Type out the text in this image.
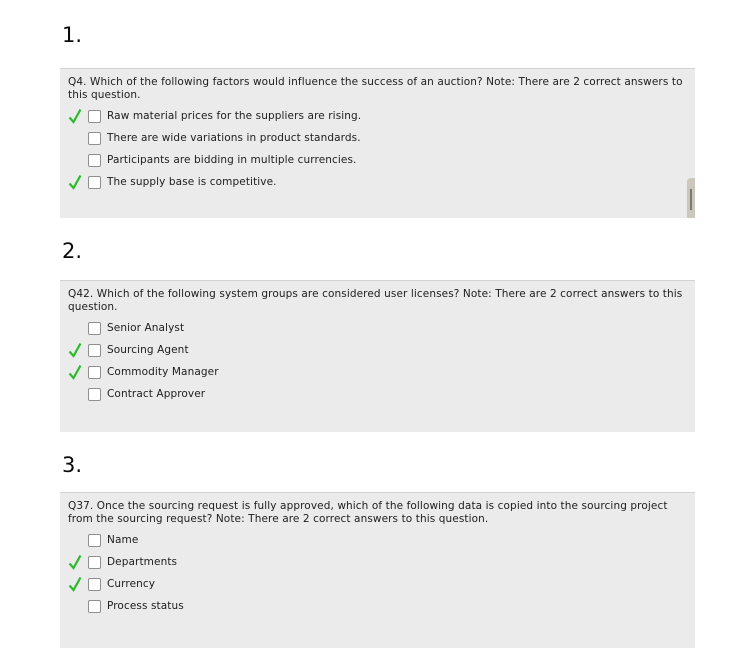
1.

Q4. Which of the following factors would influence the success of an auction? Note: There are 2 correct answers to this question.

Raw material prices for the suppliers are rising.
There are wide variations in product standards.
Participants are bidding in multiple currencies.
The supply base is competitive.
2.

Q42. Which of the following system groups are considered user licenses? Note: There are 2 correct answers to this question.

Senior Analyst
Sourcing Agent
Commodity Manager
Contract Approver
3.

Q37. Once the sourcing request is fully approved, which of the following data is copied into the sourcing project from the sourcing request? Note: There are 2 correct answers to this question.

Name
Departments
Currency
Process status
